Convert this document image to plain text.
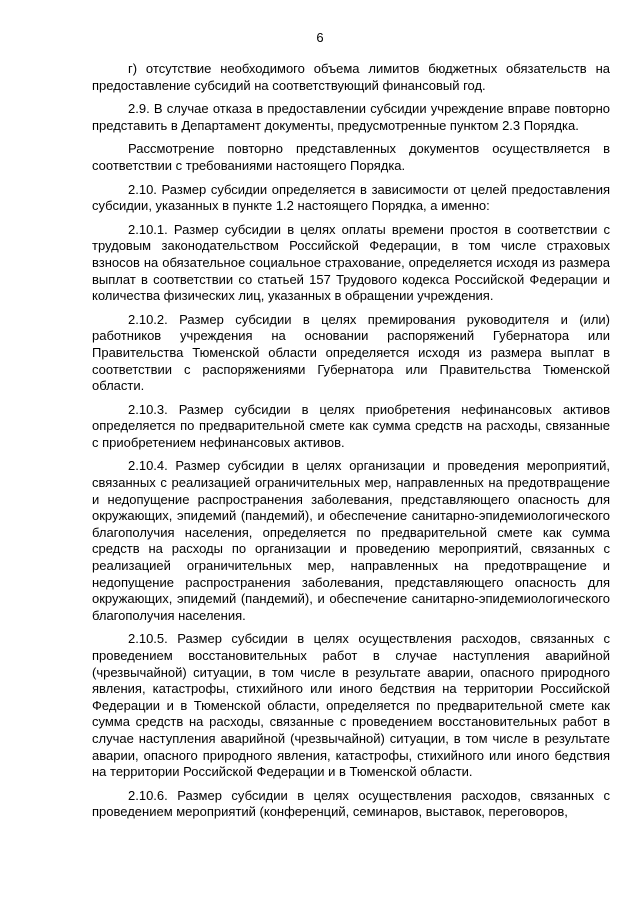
6

г) отсутствие необходимого объема лимитов бюджетных обязательств на предоставление субсидий на соответствующий финансовый год.

2.9. В случае отказа в предоставлении субсидии учреждение вправе повторно представить в Департамент документы, предусмотренные пунктом 2.3 Порядка.

Рассмотрение повторно представленных документов осуществляется в соответствии с требованиями настоящего Порядка.

2.10. Размер субсидии определяется в зависимости от целей предоставления субсидии, указанных в пункте 1.2 настоящего Порядка, а именно:

2.10.1. Размер субсидии в целях оплаты времени простоя в соответствии с трудовым законодательством Российской Федерации, в том числе страховых взносов на обязательное социальное страхование, определяется исходя из размера выплат в соответствии со статьей 157 Трудового кодекса Российской Федерации и количества физических лиц, указанных в обращении учреждения.

2.10.2. Размер субсидии в целях премирования руководителя и (или) работников учреждения на основании распоряжений Губернатора или Правительства Тюменской области определяется исходя из размера выплат в соответствии с распоряжениями Губернатора или Правительства Тюменской области.

2.10.3. Размер субсидии в целях приобретения нефинансовых активов определяется по предварительной смете как сумма средств на расходы, связанные с приобретением нефинансовых активов.

2.10.4. Размер субсидии в целях организации и проведения мероприятий, связанных с реализацией ограничительных мер, направленных на предотвращение и недопущение распространения заболевания, представляющего опасность для окружающих, эпидемий (пандемий), и обеспечение санитарно-эпидемиологического благополучия населения, определяется по предварительной смете как сумма средств на расходы по организации и проведению мероприятий, связанных с реализацией ограничительных мер, направленных на предотвращение и недопущение распространения заболевания, представляющего опасность для окружающих, эпидемий (пандемий), и обеспечение санитарно-эпидемиологического благополучия населения.

2.10.5. Размер субсидии в целях осуществления расходов, связанных с проведением восстановительных работ в случае наступления аварийной (чрезвычайной) ситуации, в том числе в результате аварии, опасного природного явления, катастрофы, стихийного или иного бедствия на территории Российской Федерации и в Тюменской области, определяется по предварительной смете как сумма средств на расходы, связанные с проведением восстановительных работ в случае наступления аварийной (чрезвычайной) ситуации, в том числе в результате аварии, опасного природного явления, катастрофы, стихийного или иного бедствия на территории Российской Федерации и в Тюменской области.

2.10.6. Размер субсидии в целях осуществления расходов, связанных с проведением мероприятий (конференций, семинаров, выставок, переговоров,
